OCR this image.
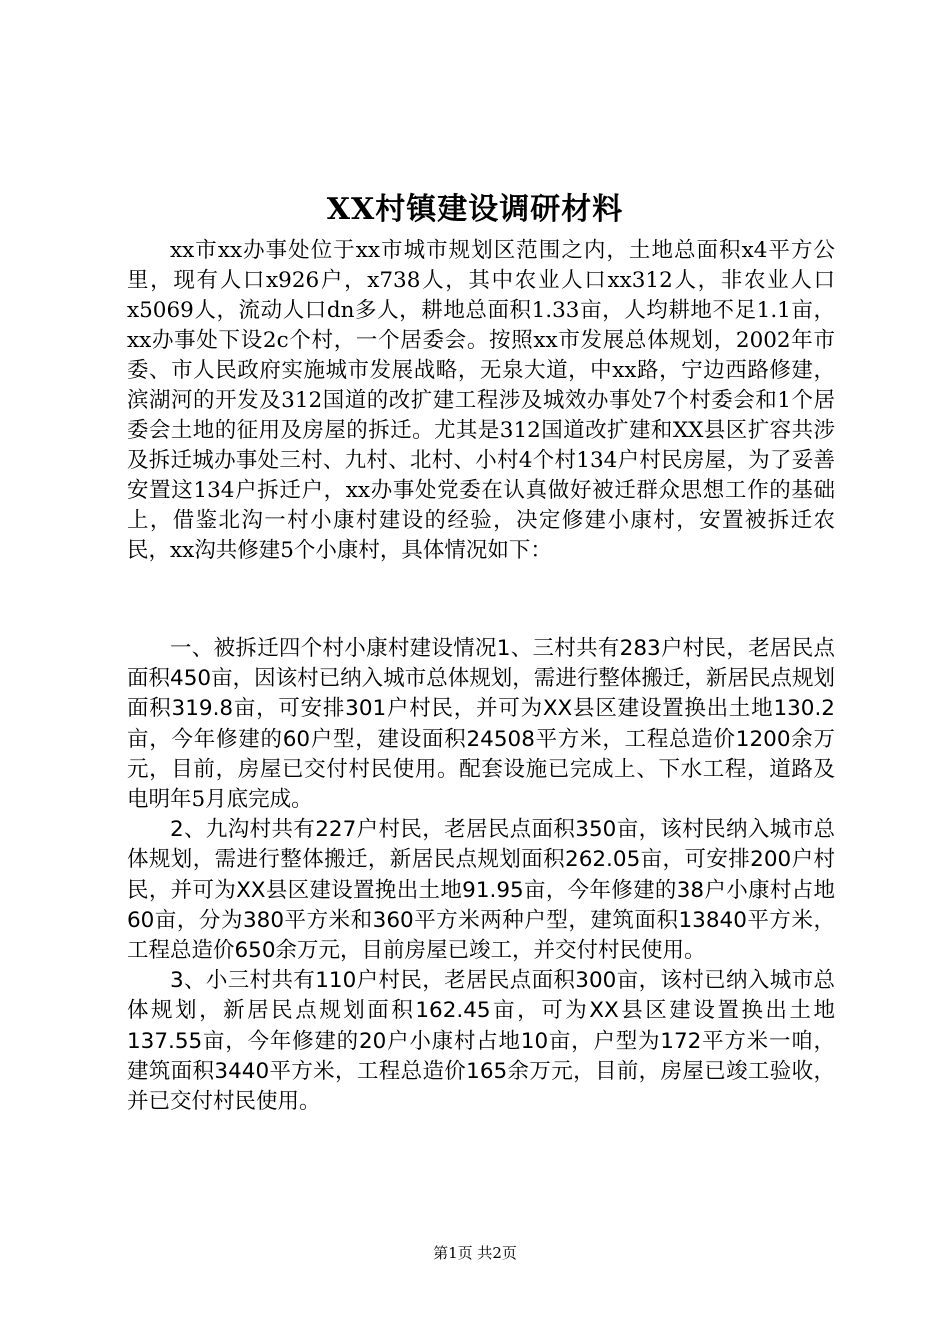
XX村镇建设调研材料

xx市xx办事处位于xx市城市规划区范围之内，土地总面积x4平方公里，现有人口x926户，x738人，其中农业人口xx312人，非农业人口x5069人，流动人口dn多人，耕地总面积1.33亩，人均耕地不足1.1亩，xx办事处下设2c个村，一个居委会。按照xx市发展总体规划，2002年市委、市人民政府实施城市发展战略，无泉大道，中xx路，宁边西路修建，滨湖河的开发及312国道的改扩建工程涉及城效办事处7个村委会和1个居委会土地的征用及房屋的拆迁。尤其是312国道改扩建和XX县区扩容共涉及拆迁城办事处三村、九村、北村、小村4个村134户村民房屋，为了妥善安置这134户拆迁户，xx办事处党委在认真做好被迁群众思想工作的基础上，借鉴北沟一村小康村建设的经验，决定修建小康村，安置被拆迁农民，xx沟共修建5个小康村，具体情况如下：

一、被拆迁四个村小康村建设情况1、三村共有283户村民，老居民点面积450亩，因该村已纳入城市总体规划，需进行整体搬迁，新居民点规划面积319.8亩，可安排301户村民，并可为XX县区建设置换出土地130.2亩，今年修建的60户型，建设面积24508平方米，工程总造价1200余万元，目前，房屋已交付村民使用。配套设施已完成上、下水工程，道路及电明年5月底完成。

2、九沟村共有227户村民，老居民点面积350亩，该村民纳入城市总体规划，需进行整体搬迁，新居民点规划面积262.05亩，可安排200户村民，并可为XX县区建设置挽出土地91.95亩，今年修建的38户小康村占地60亩，分为380平方米和360平方米两种户型，建筑面积13840平方米，工程总造价650余万元，目前房屋已竣工，并交付村民使用。

3、小三村共有110户村民，老居民点面积300亩，该村已纳入城市总体规划，新居民点规划面积162.45亩，可为XX县区建设置换出土地137.55亩，今年修建的20户小康村占地10亩，户型为172平方米一咱，建筑面积3440平方米，工程总造价165余万元，目前，房屋已竣工验收，并已交付村民使用。

第1页 共2页
